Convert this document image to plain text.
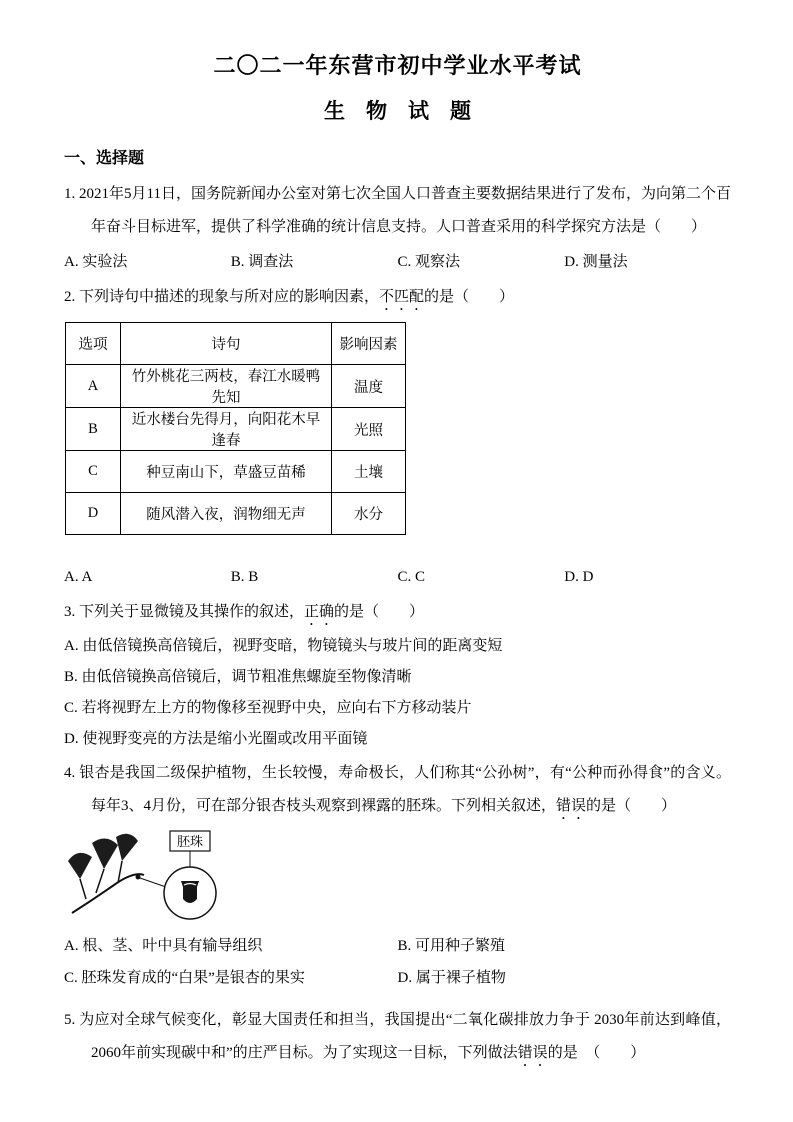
二〇二一年东营市初中学业水平考试
生　物　试　题
一、选择题

1. 2021年5月11日，国务院新闻办公室对第七次全国人口普查主要数据结果进行了发布，为向第二个百年奋斗目标进军，提供了科学准确的统计信息支持。人口普查采用的科学探究方法是（　　）

A. 实验法	B. 调查法	C. 观察法	D. 测量法

2. 下列诗句中描述的现象与所对应的影响因素，不匹配的是（　　）

选项	诗句	影响因素
A	竹外桃花三两枝，春江水暖鸭先知	温度
B	近水楼台先得月，向阳花木早逢春	光照
C	种豆南山下，草盛豆苗稀	土壤
D	随风潜入夜，润物细无声	水分
A. A	B. B	C. C	D. D

3. 下列关于显微镜及其操作的叙述，正确的是（　　）

A. 由低倍镜换高倍镜后，视野变暗，物镜镜头与玻片间的距离变短

B. 由低倍镜换高倍镜后，调节粗准焦螺旋至物像清晰

C. 若将视野左上方的物像移至视野中央，应向右下方移动装片

D. 使视野变亮的方法是缩小光圈或改用平面镜

4. 银杏是我国二级保护植物，生长较慢，寿命极长，人们称其“公孙树”，有“公种而孙得食”的含义。每年3、4月份，可在部分银杏枝头观察到裸露的胚珠。下列相关叙述，错误的是（　　）

胚珠
A. 根、茎、叶中具有输导组织	B. 可用种子繁殖
C. 胚珠发育成的“白果”是银杏的果实	D. 属于裸子植物

5. 为应对全球气候变化，彰显大国责任和担当，我国提出“二氧化碳排放力争于 2030年前达到峰值，2060年前实现碳中和”的庄严目标。为了实现这一目标，下列做法错误的是　（　　）
